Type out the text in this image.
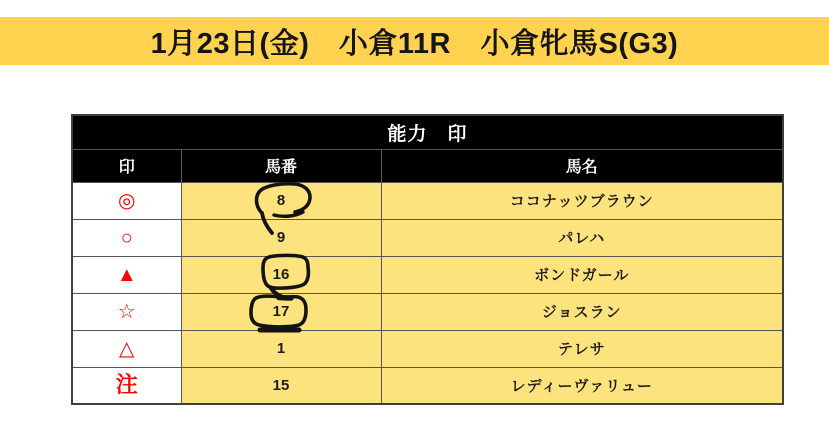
1月23日(金)　小倉11R　小倉牝馬S(G3)
能力　印		
印	馬番	馬名
◎	8	ココナッツブラウン
○	9	パレハ
▲	16	ボンドガール
☆	17	ジョスラン
△	1	テレサ
注	15	レディーヴァリュー
